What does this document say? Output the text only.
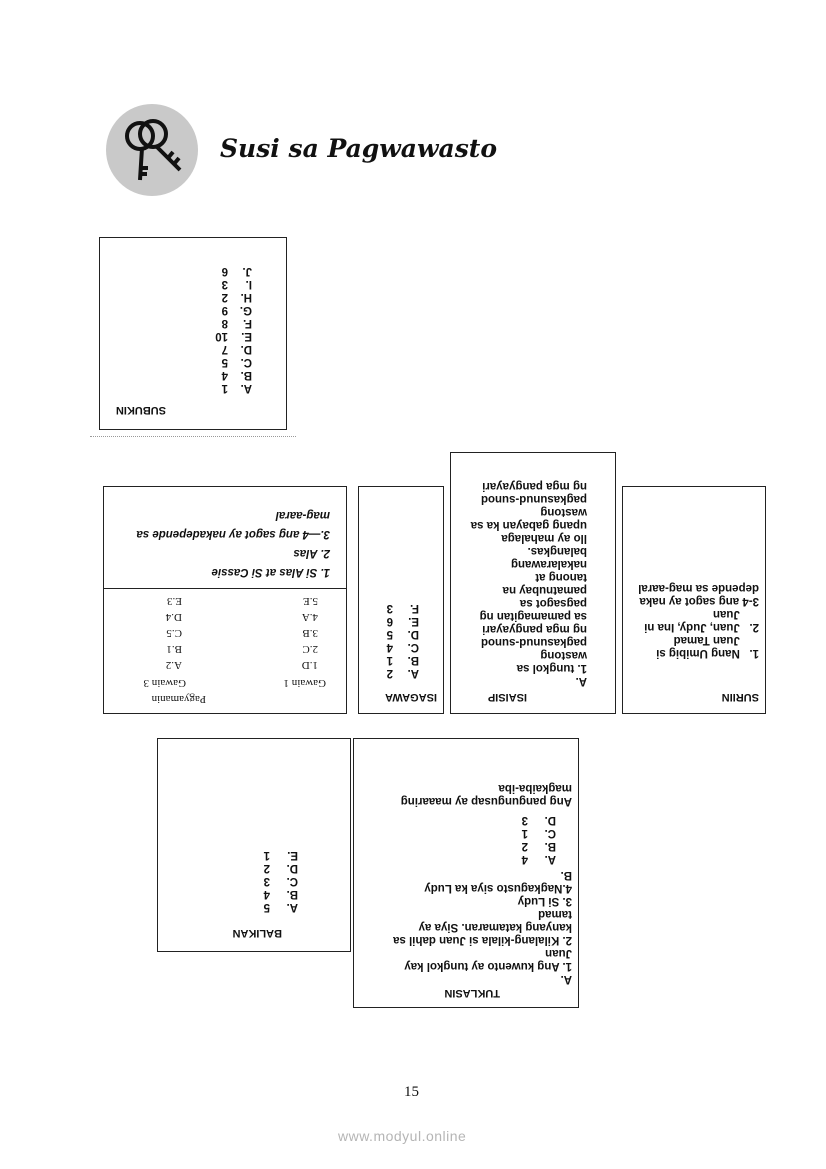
Susi sa Pagwawasto
SUBUKIN
A.
B.
C.
D.
E.
F.
G.
H.
I.
J.
1
4
5
7
10
8
9
2
3
6
Pagyamanin
Gawain 1
Gawain 3
1.D
2.C
3.B
4.A
5.E
A.2
B.1
C.5
D.4
E.3
1. Si Alas at Si Cassie
2. Alas
3.—4 ang sagot ay nakadepende sa
mag-aaral
ISAGAWA
A.
B.
C.
D.
E.
F.
2
1
4
5
6
3
ISAISIP
A.
1. tungkol sa
wastong
pagkasunud-sunod
ng mga pangyayari
sa pamamagitan ng
pagsagot sa
pamatnubay na
tanong at
nakalarawang
balangkas.
llo ay mahalaga
upang gabayan ka sa
wastong
pagkasunud-sunod
ng mga pangyayari
SURIIN

1.   Nang Umibig si
Juan Tamad
2.   Juan, Judy, Ina ni
Juan
3-4 ang sagot ay naka
depende sa mag-aaral

BALIKAN
A.
B.
C.
D.
E.
5
4
3
2
1
TUKLASIN
A.
1. Ang kuwento ay tungkol kay
Juan
2. Kilalang-kilala si Juan dahil sa
kanyang katamaran. Siya ay
tamad
3. Si Ludy
4.Nagkagusto siya ka Ludy
B.
A.
B.
C.
D.
4
2
1
3
Ang pangungusap ay maaaring
magkaiba-iba
15
www.modyul.online
